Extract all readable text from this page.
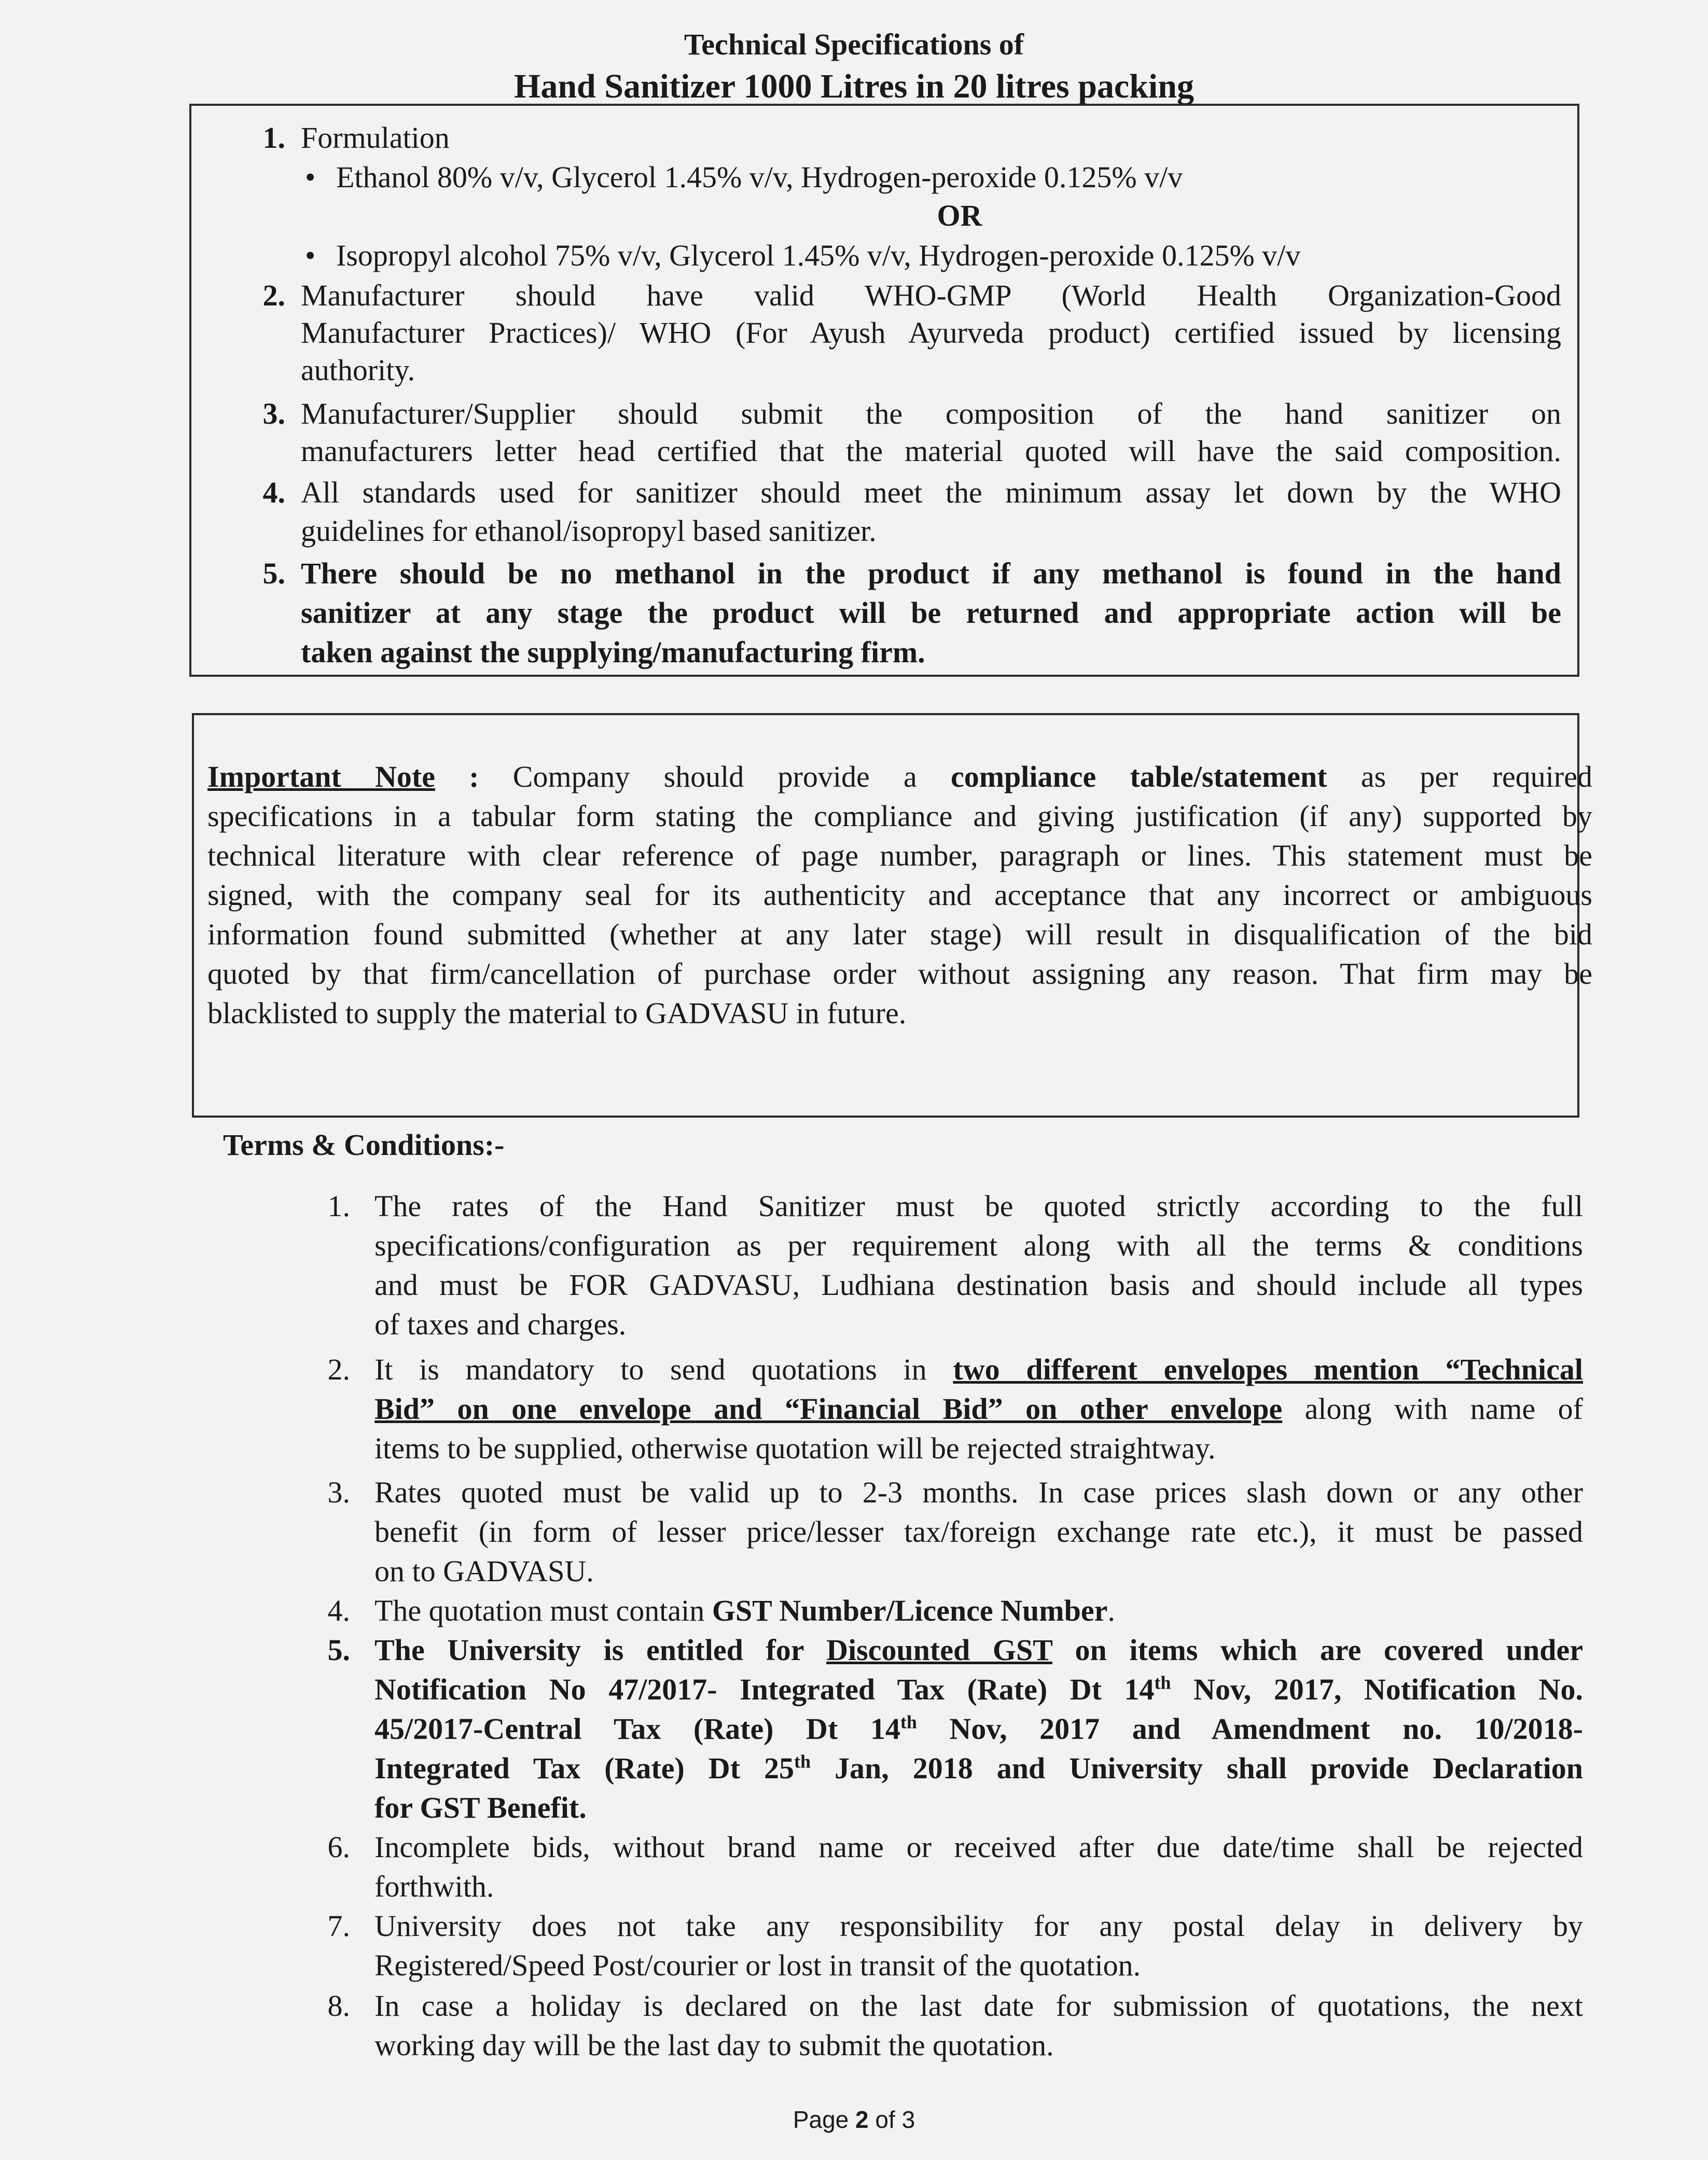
Technical Specifications of
Hand Sanitizer 1000 Litres in 20 litres packing
1. Formulation
• Ethanol 80% v/v, Glycerol 1.45% v/v, Hydrogen-peroxide 0.125% v/v
OR
• Isopropyl alcohol 75% v/v, Glycerol 1.45% v/v, Hydrogen-peroxide 0.125% v/v
2. Manufacturer should have valid WHO-GMP (World Health Organization-Good
Manufacturer Practices)/ WHO (For Ayush Ayurveda product) certified issued by licensing
authority.
3. Manufacturer/Supplier should submit the composition of the hand sanitizer on
manufacturers letter head certified that the material quoted will have the said composition.
4. All standards used for sanitizer should meet the minimum assay let down by the WHO
guidelines for ethanol/isopropyl based sanitizer.
5. There should be no methanol in the product if any methanol is found in the hand
sanitizer at any stage the product will be returned and appropriate action will be
taken against the supplying/manufacturing firm.
Important Note : Company should provide a compliance table/statement as per required
specifications in a tabular form stating the compliance and giving justification (if any) supported by
technical literature with clear reference of page number, paragraph or lines. This statement must be
signed, with the company seal for its authenticity and acceptance that any incorrect or ambiguous
information found submitted (whether at any later stage) will result in disqualification of the bid
quoted by that firm/cancellation of purchase order without assigning any reason. That firm may be
blacklisted to supply the material to GADVASU in future.
Terms & Conditions:-
1. The rates of the Hand Sanitizer must be quoted strictly according to the full
specifications/configuration as per requirement along with all the terms & conditions
and must be FOR GADVASU, Ludhiana destination basis and should include all types
of taxes and charges.
2. It is mandatory to send quotations in two different envelopes mention “Technical
Bid” on one envelope and “Financial Bid” on other envelope along with name of
items to be supplied, otherwise quotation will be rejected straightway.
3. Rates quoted must be valid up to 2-3 months. In case prices slash down or any other
benefit (in form of lesser price/lesser tax/foreign exchange rate etc.), it must be passed
on to GADVASU.
4. The quotation must contain GST Number/Licence Number.
5. The University is entitled for Discounted GST on items which are covered under
Notification No 47/2017- Integrated Tax (Rate) Dt 14th Nov, 2017, Notification No.
45/2017-Central Tax (Rate) Dt 14th Nov, 2017 and Amendment no. 10/2018-
Integrated Tax (Rate) Dt 25th Jan, 2018 and University shall provide Declaration
for GST Benefit.
6. Incomplete bids, without brand name or received after due date/time shall be rejected
forthwith.
7. University does not take any responsibility for any postal delay in delivery by
Registered/Speed Post/courier or lost in transit of the quotation.
8. In case a holiday is declared on the last date for submission of quotations, the next
working day will be the last day to submit the quotation.
Page 2 of 3
